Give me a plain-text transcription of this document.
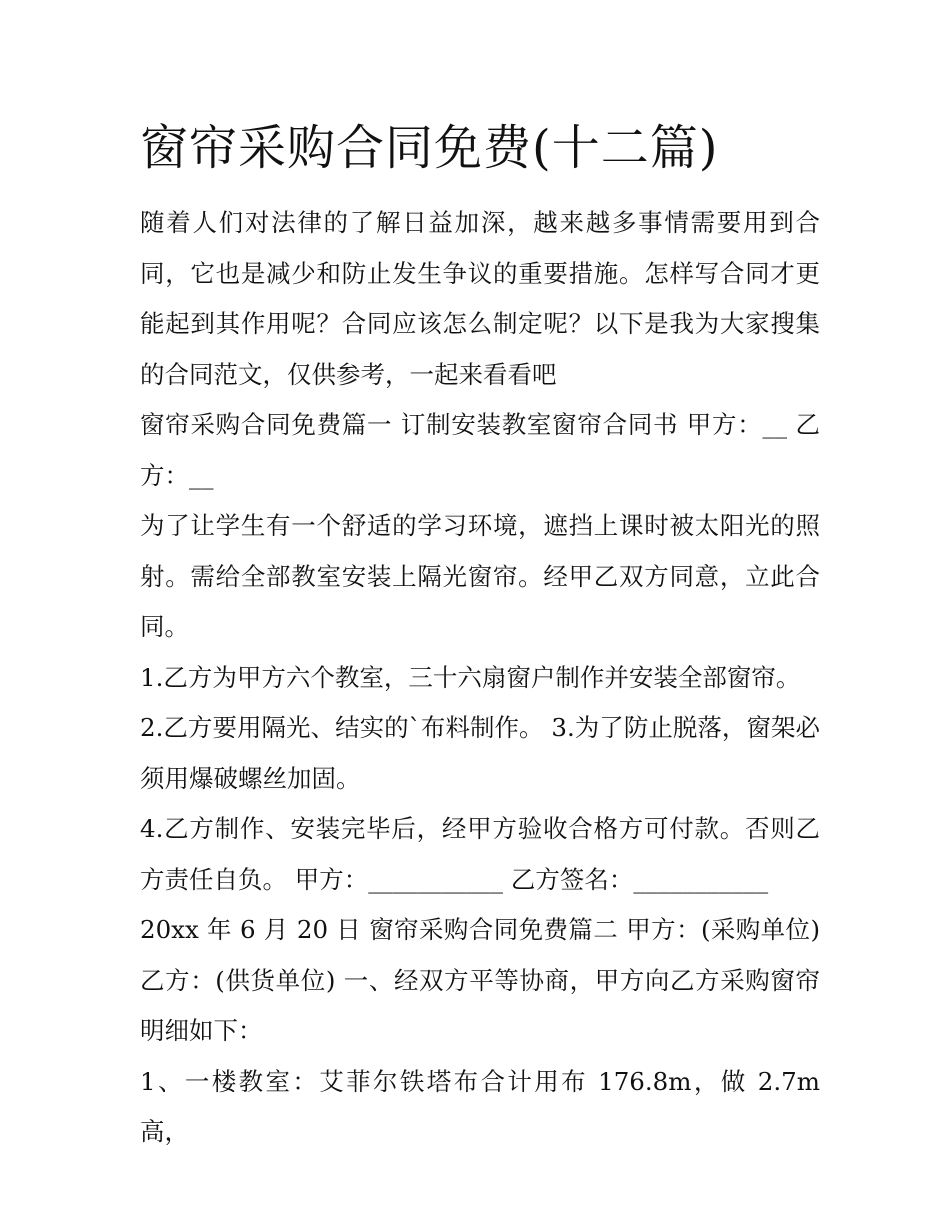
窗帘采购合同免费(十二篇)

随着人们对法律的了解日益加深，越来越多事情需要用到合同，它也是减少和防止发生争议的重要措施。怎样写合同才更能起到其作用呢？合同应该怎么制定呢？以下是我为大家搜集的合同范文，仅供参考，一起来看看吧

窗帘采购合同免费篇一 订制安装教室窗帘合同书 甲方：__ 乙方：__

为了让学生有一个舒适的学习环境，遮挡上课时被太阳光的照射。需给全部教室安装上隔光窗帘。经甲乙双方同意，立此合同。

1.乙方为甲方六个教室，三十六扇窗户制作并安装全部窗帘。

2.乙方要用隔光、结实的`布料制作。 3.为了防止脱落，窗架必须用爆破螺丝加固。

4.乙方制作、安装完毕后，经甲方验收合格方可付款。否则乙方责任自负。 甲方：___________ 乙方签名：___________

20xx 年 6 月 20 日 窗帘采购合同免费篇二 甲方：(采购单位) 乙方：(供货单位) 一、经双方平等协商，甲方向乙方采购窗帘明细如下：

1、一楼教室：艾菲尔铁塔布合计用布 176.8m，做 2.7m 高，
